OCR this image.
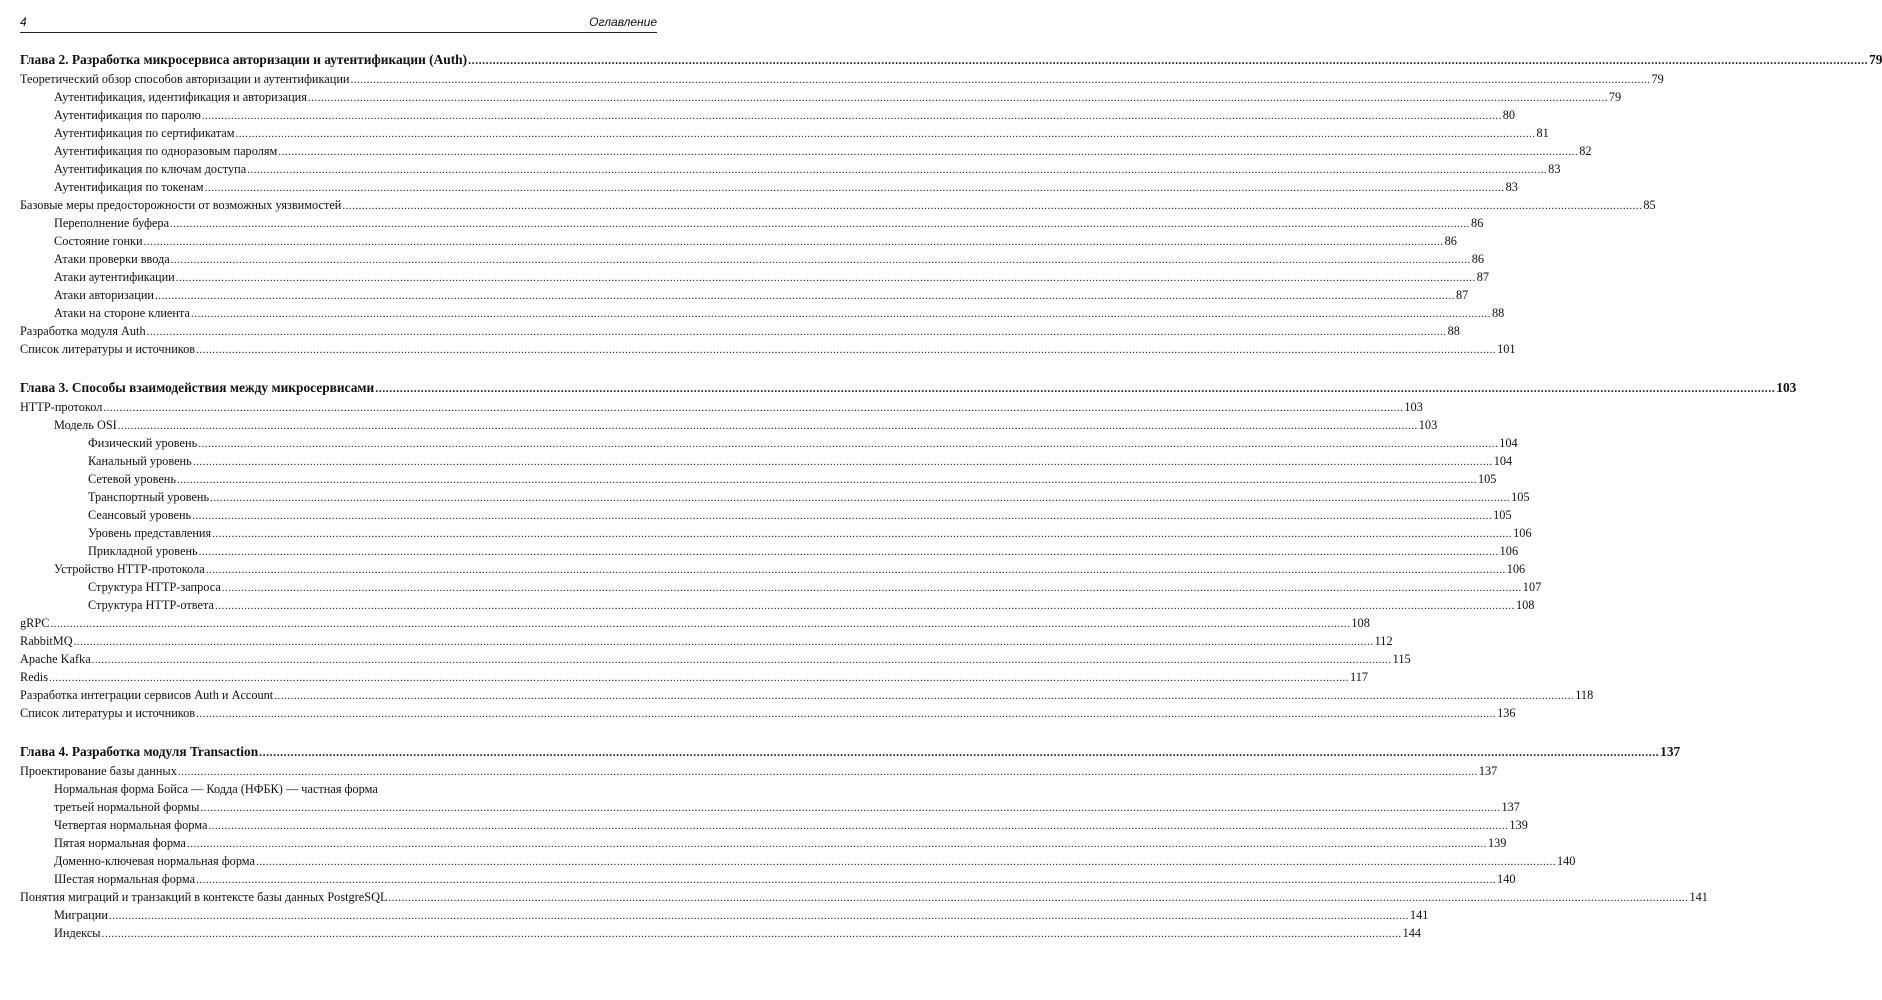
4	Оглавление
Глава 2. Разработка микросервиса авторизации и аутентификации (Auth) ................................................................................................................................................................................................................................................................................................................................................................................................................ 79
Теоретический обзор способов авторизации и аутентификации ................................................................................................................................................................................................................................................................................................................................................................................................................ 79
Аутентификация, идентификация и авторизация ................................................................................................................................................................................................................................................................................................................................................................................................................ 79
Аутентификация по паролю ................................................................................................................................................................................................................................................................................................................................................................................................................ 80
Аутентификация по сертификатам ................................................................................................................................................................................................................................................................................................................................................................................................................ 81
Аутентификация по одноразовым паролям ................................................................................................................................................................................................................................................................................................................................................................................................................ 82
Аутентификация по ключам доступа ................................................................................................................................................................................................................................................................................................................................................................................................................ 83
Аутентификация по токенам ................................................................................................................................................................................................................................................................................................................................................................................................................ 83
Базовые меры предосторожности от возможных уязвимостей ................................................................................................................................................................................................................................................................................................................................................................................................................ 85
Переполнение буфера ................................................................................................................................................................................................................................................................................................................................................................................................................ 86
Состояние гонки ................................................................................................................................................................................................................................................................................................................................................................................................................ 86
Атаки проверки ввода ................................................................................................................................................................................................................................................................................................................................................................................................................ 86
Атаки аутентификации ................................................................................................................................................................................................................................................................................................................................................................................................................ 87
Атаки авторизации ................................................................................................................................................................................................................................................................................................................................................................................................................ 87
Атаки на стороне клиента ................................................................................................................................................................................................................................................................................................................................................................................................................ 88
Разработка модуля Auth ................................................................................................................................................................................................................................................................................................................................................................................................................ 88
Список литературы и источников ................................................................................................................................................................................................................................................................................................................................................................................................................ 101
Глава 3. Способы взаимодействия между микросервисами ................................................................................................................................................................................................................................................................................................................................................................................................................ 103
HTTP-протокол ................................................................................................................................................................................................................................................................................................................................................................................................................ 103
Модель OSI ................................................................................................................................................................................................................................................................................................................................................................................................................ 103
Физический уровень ................................................................................................................................................................................................................................................................................................................................................................................................................ 104
Канальный уровень ................................................................................................................................................................................................................................................................................................................................................................................................................ 104
Сетевой уровень ................................................................................................................................................................................................................................................................................................................................................................................................................ 105
Транспортный уровень ................................................................................................................................................................................................................................................................................................................................................................................................................ 105
Сеансовый уровень ................................................................................................................................................................................................................................................................................................................................................................................................................ 105
Уровень представления ................................................................................................................................................................................................................................................................................................................................................................................................................ 106
Прикладной уровень ................................................................................................................................................................................................................................................................................................................................................................................................................ 106
Устройство HTTP-протокола ................................................................................................................................................................................................................................................................................................................................................................................................................ 106
Структура HTTP-запроса ................................................................................................................................................................................................................................................................................................................................................................................................................ 107
Структура HTTP-ответа ................................................................................................................................................................................................................................................................................................................................................................................................................ 108
gRPC ................................................................................................................................................................................................................................................................................................................................................................................................................ 108
RabbitMQ ................................................................................................................................................................................................................................................................................................................................................................................................................ 112
Apache Kafka ................................................................................................................................................................................................................................................................................................................................................................................................................ 115
Redis ................................................................................................................................................................................................................................................................................................................................................................................................................ 117
Разработка интеграции сервисов Auth и Account ................................................................................................................................................................................................................................................................................................................................................................................................................ 118
Список литературы и источников ................................................................................................................................................................................................................................................................................................................................................................................................................ 136
Глава 4. Разработка модуля Transaction ................................................................................................................................................................................................................................................................................................................................................................................................................ 137
Проектирование базы данных ................................................................................................................................................................................................................................................................................................................................................................................................................ 137
Нормальная форма Бойса — Кодда (НФБК) — частная форма
третьей нормальной формы ................................................................................................................................................................................................................................................................................................................................................................................................................ 137
Четвертая нормальная форма ................................................................................................................................................................................................................................................................................................................................................................................................................ 139
Пятая нормальная форма ................................................................................................................................................................................................................................................................................................................................................................................................................ 139
Доменно-ключевая нормальная форма ................................................................................................................................................................................................................................................................................................................................................................................................................ 140
Шестая нормальная форма ................................................................................................................................................................................................................................................................................................................................................................................................................ 140
Понятия миграций и транзакций в контексте базы данных PostgreSQL ................................................................................................................................................................................................................................................................................................................................................................................................................ 141
Миграции ................................................................................................................................................................................................................................................................................................................................................................................................................ 141
Индексы ................................................................................................................................................................................................................................................................................................................................................................................................................ 144
